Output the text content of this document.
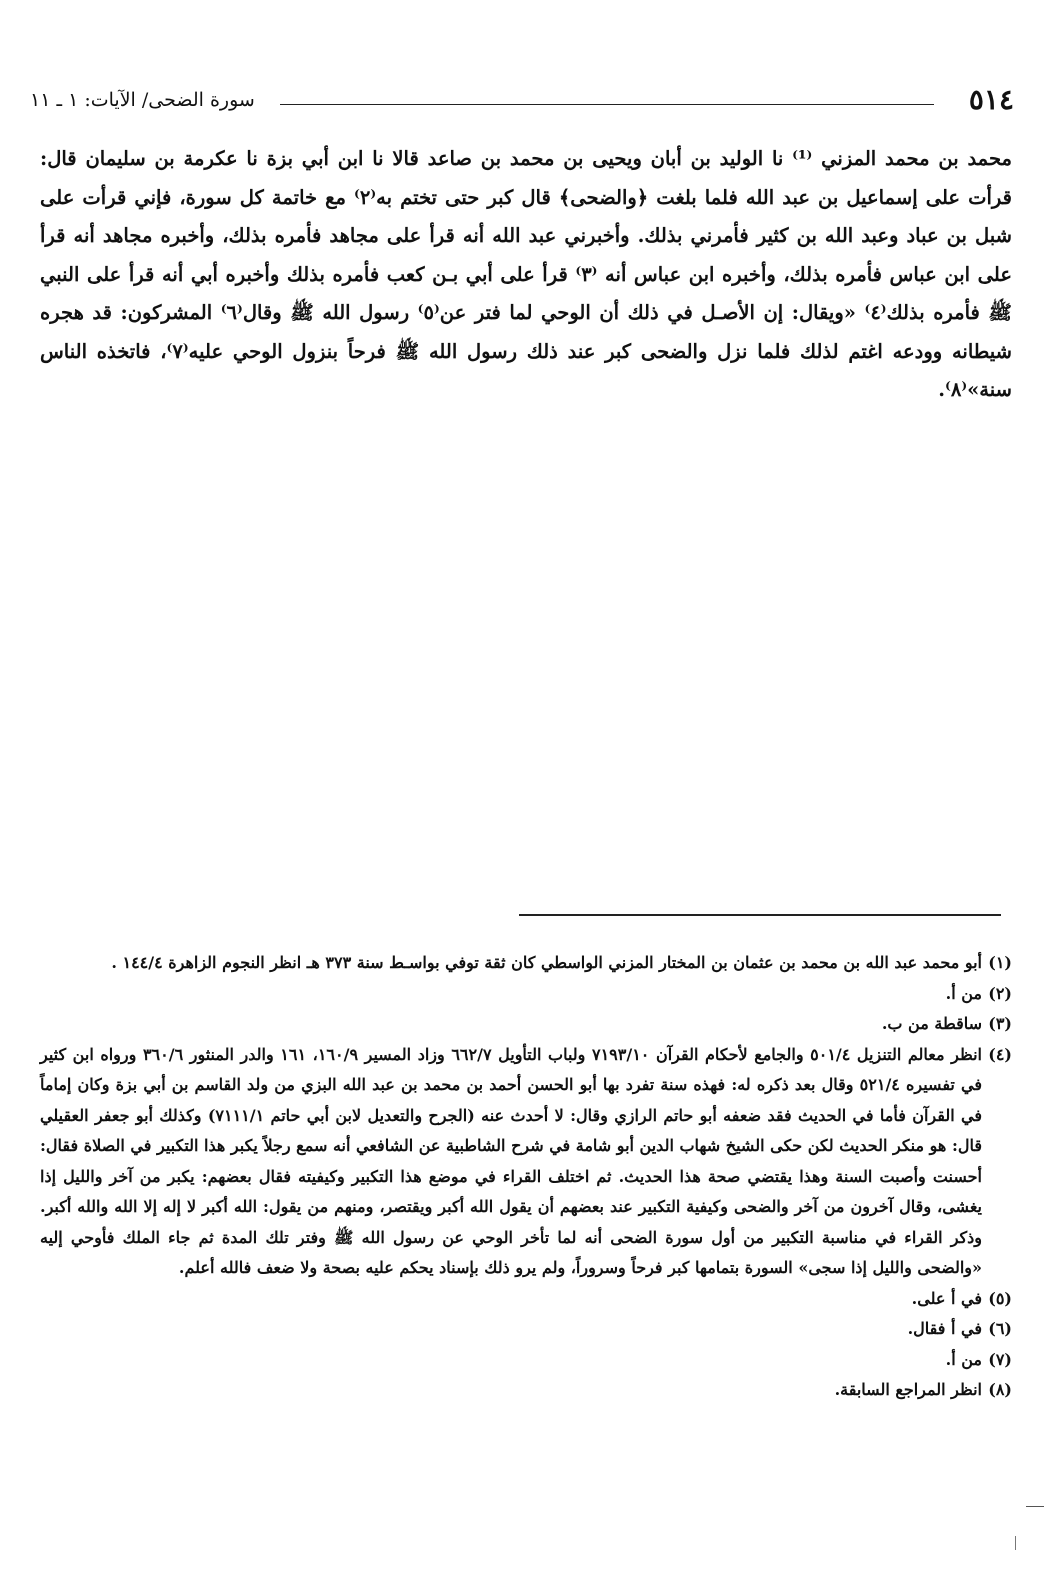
٥١٤
سورة الضحى/ الآيات: ١ ـ ١١

محمد بن محمد المزني ⁽¹⁾ نا الوليد بن أبان ويحيى بن محمد بن صاعد قالا نا ابن أبي بزة نا عكرمة بن سليمان قال: قرأت على إسماعيل بن عبد الله فلما بلغت ﴿والضحى﴾ قال كبر حتى تختم به⁽٢⁾ مع خاتمة كل سورة، فإني قرأت على شبل بن عباد وعبد الله بن كثير فأمرني بذلك. وأخبرني عبد الله أنه قرأ على مجاهد فأمره بذلك، وأخبره مجاهد أنه قرأ على ابن عباس فأمره بذلك، وأخبره ابن عباس أنه ⁽٣⁾ قرأ على أبي بـن كعب فأمره بذلك وأخبره أبي أنه قرأ على النبي ﷺ فأمره بذلك⁽٤⁾ «ويقال: إن الأصـل في ذلك أن الوحي لما فتر عن⁽٥⁾ رسول الله ﷺ وقال⁽٦⁾ المشركون: قد هجره شيطانه وودعه اغتم لذلك فلما نزل والضحى كبر عند ذلك رسول الله ﷺ فرحاً بنزول الوحي عليه⁽٧⁾، فاتخذه الناس سنة»⁽٨⁾.

(١)
أبو محمد عبد الله بن محمد بن عثمان بن المختار المزني الواسطي كان ثقة توفي بواسـط سنة ٣٧٣ هـ انظر النجوم الزاهرة ١٤٤/٤ .
(٢)
من أ.
(٣)
ساقطة من ب.
(٤)
انظر معالم التنزيل ٥٠١/٤ والجامع لأحكام القرآن ٧١٩٣/١٠ ولباب التأويل ٦٦٢/٧ وزاد المسير ١٦٠/٩، ١٦١ والدر المنثور ٣٦٠/٦ ورواه ابن كثير في تفسيره ٥٢١/٤ وقال بعد ذكره له: فهذه سنة تفرد بها أبو الحسن أحمد بن محمد بن عبد الله البزي من ولد القاسم بن أبي بزة وكان إماماً في القرآن فأما في الحديث فقد ضعفه أبو حاتم الرازي وقال: لا أحدث عنه (الجرح والتعديل لابن أبي حاتم ٧١١١/١) وكذلك أبو جعفر العقيلي قال: هو منكر الحديث لكن حكى الشيخ شهاب الدين أبو شامة في شرح الشاطبية عن الشافعي أنه سمع رجلاً يكبر هذا التكبير في الصلاة فقال: أحسنت وأصبت السنة وهذا يقتضي صحة هذا الحديث. ثم اختلف القراء في موضع هذا التكبير وكيفيته فقال بعضهم: يكبر من آخر والليل إذا يغشى، وقال آخرون من آخر والضحى وكيفية التكبير عند بعضهم أن يقول الله أكبر ويقتصر، ومنهم من يقول: الله أكبر لا إله إلا الله والله أكبر. وذكر القراء في مناسبة التكبير من أول سورة الضحى أنه لما تأخر الوحي عن رسول الله ﷺ وفتر تلك المدة ثم جاء الملك فأوحي إليه «والضحى والليل إذا سجى» السورة بتمامها كبر فرحاً وسروراً، ولم يرو ذلك بإسناد يحكم عليه بصحة ولا ضعف فالله أعلم.
(٥)
في أ على.
(٦)
في أ فقال.
(٧)
من أ.
(٨)
انظر المراجع السابقة.
